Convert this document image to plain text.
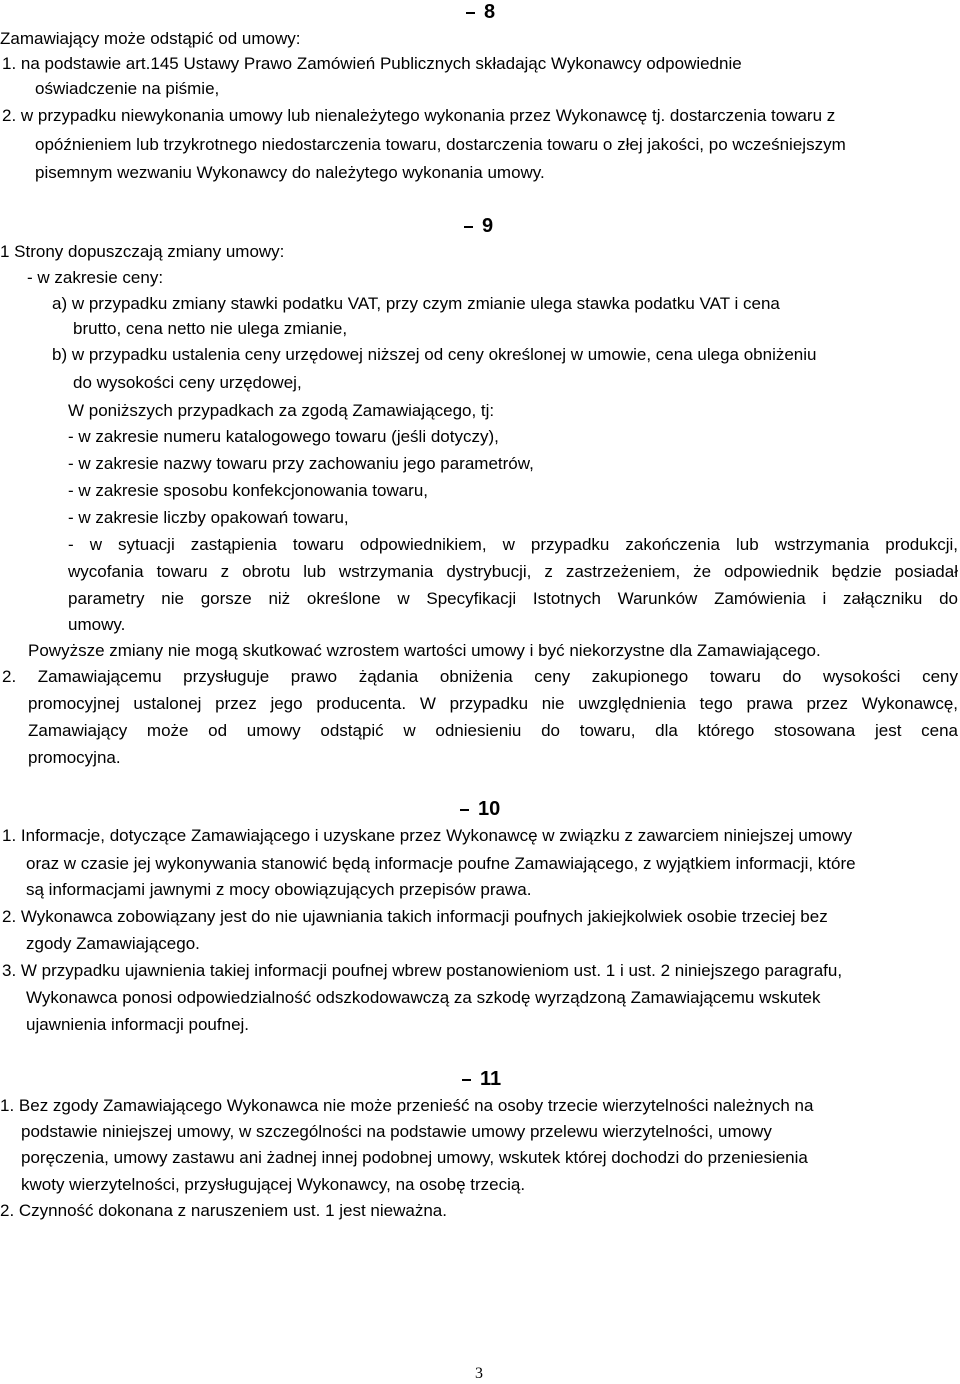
8
Zamawiający może odstąpić od umowy:
1. na podstawie art.145 Ustawy Prawo Zamówień Publicznych składając Wykonawcy odpowiednie
oświadczenie na piśmie,
2. w przypadku niewykonania umowy lub nienależytego wykonania przez Wykonawcę tj. dostarczenia towaru z
opóźnieniem lub trzykrotnego niedostarczenia towaru, dostarczenia towaru o złej jakości, po wcześniejszym
pisemnym wezwaniu Wykonawcy do należytego wykonania umowy.
9
1 Strony dopuszczają zmiany umowy:
- w zakresie ceny:
a) w przypadku zmiany stawki podatku VAT, przy czym zmianie ulega stawka podatku VAT i cena
brutto, cena netto nie ulega zmianie,
b) w przypadku ustalenia ceny urzędowej niższej od ceny określonej w umowie, cena ulega obniżeniu
do wysokości ceny urzędowej,
W poniższych przypadkach za zgodą Zamawiającego, tj:
- w zakresie numeru katalogowego towaru (jeśli dotyczy),
- w zakresie nazwy towaru przy zachowaniu jego parametrów,
- w zakresie sposobu konfekcjonowania towaru,
- w zakresie liczby opakowań towaru,
- w sytuacji zastąpienia towaru odpowiednikiem, w przypadku zakończenia lub wstrzymania produkcji,
wycofania towaru z obrotu lub wstrzymania dystrybucji, z zastrzeżeniem, że odpowiednik będzie posiadał
parametry nie gorsze niż określone w Specyfikacji Istotnych Warunków Zamówienia i załączniku do
umowy.
Powyższe zmiany nie mogą skutkować wzrostem wartości umowy i być niekorzystne dla Zamawiającego.
2. Zamawiającemu przysługuje prawo żądania obniżenia ceny zakupionego towaru do wysokości ceny
promocyjnej ustalonej przez jego producenta. W przypadku nie uwzględnienia tego prawa przez Wykonawcę,
Zamawiający może od umowy odstąpić w odniesieniu do towaru, dla którego stosowana jest cena
promocyjna.
10
1. Informacje, dotyczące Zamawiającego i uzyskane przez Wykonawcę w związku z zawarciem niniejszej umowy
oraz w czasie jej wykonywania stanowić będą informacje poufne Zamawiającego, z wyjątkiem informacji, które
są informacjami jawnymi z mocy obowiązujących przepisów prawa.
2. Wykonawca zobowiązany jest do nie ujawniania takich informacji poufnych jakiejkolwiek osobie trzeciej bez
zgody Zamawiającego.
3. W przypadku ujawnienia takiej informacji poufnej wbrew postanowieniom ust. 1 i ust. 2 niniejszego paragrafu,
Wykonawca ponosi odpowiedzialność odszkodowawczą za szkodę wyrządzoną Zamawiającemu wskutek
ujawnienia informacji poufnej.
11
1. Bez zgody Zamawiającego Wykonawca nie może przenieść na osoby trzecie wierzytelności należnych na
podstawie niniejszej umowy, w szczególności na podstawie umowy przelewu wierzytelności, umowy
poręczenia, umowy zastawu ani żadnej innej podobnej umowy, wskutek której dochodzi do przeniesienia
kwoty wierzytelności, przysługującej Wykonawcy, na osobę trzecią.
2. Czynność dokonana z naruszeniem ust. 1 jest nieważna.
3
